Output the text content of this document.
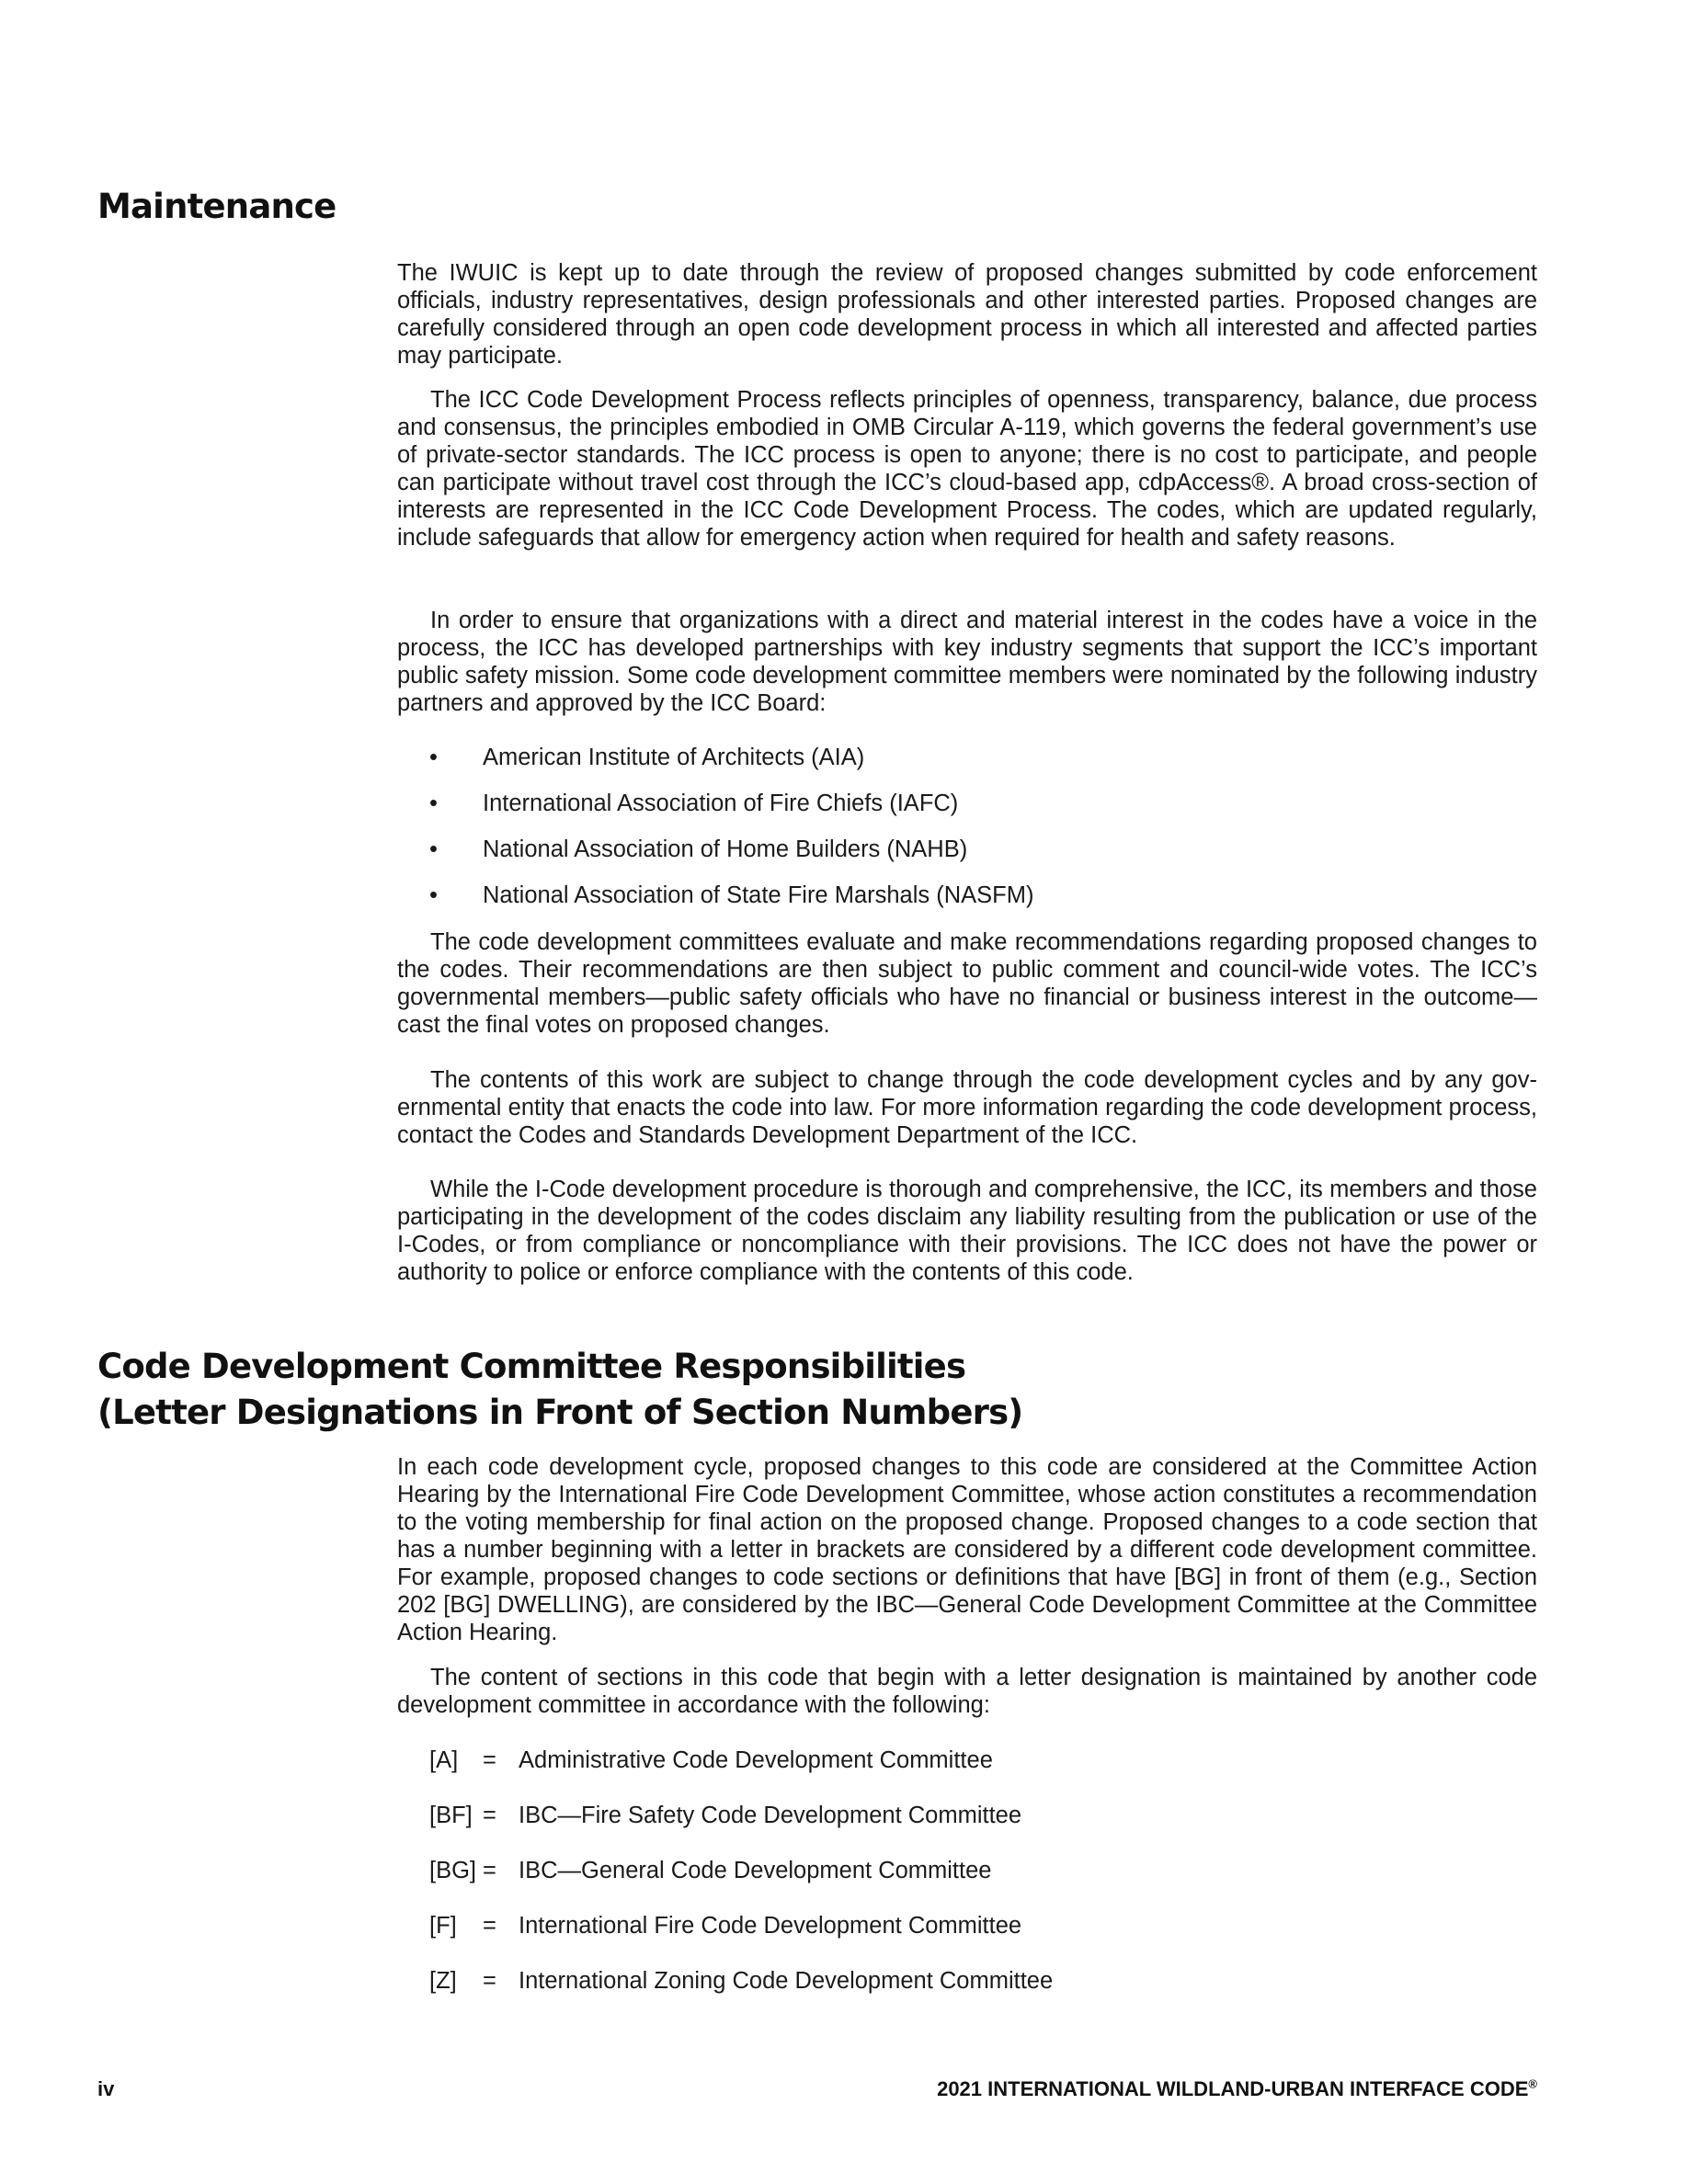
Maintenance

The IWUIC is kept up to date through the review of proposed changes submitted by code enforcement officials, industry representatives, design professionals and other interested parties. Proposed changes are carefully considered through an open code development process in which all interested and affected parties may participate.

The ICC Code Development Process reflects principles of openness, transparency, balance, due process and consensus, the principles embodied in OMB Circular A-119, which governs the federal government’s use of private-sector standards. The ICC process is open to anyone; there is no cost to participate, and people can participate without travel cost through the ICC’s cloud-based app, cdpAccess®. A broad cross-section of interests are represented in the ICC Code Development Process. The codes, which are updated regularly, include safeguards that allow for emergency action when required for health and safety reasons.

In order to ensure that organizations with a direct and material interest in the codes have a voice in the process, the ICC has developed partnerships with key industry segments that support the ICC’s important public safety mission. Some code development committee members were nominated by the following industry partners and approved by the ICC Board:

• American Institute of Architects (AIA)
• International Association of Fire Chiefs (IAFC)
• National Association of Home Builders (NAHB)
• National Association of State Fire Marshals (NASFM)

The code development committees evaluate and make recommendations regarding proposed changes to the codes. Their recommendations are then subject to public comment and council-wide votes. The ICC’s governmental members—public safety officials who have no financial or business interest in the outcome—cast the final votes on proposed changes.

The contents of this work are subject to change through the code development cycles and by any governmental entity that enacts the code into law. For more information regarding the code development process, contact the Codes and Standards Development Department of the ICC.

While the I-Code development procedure is thorough and comprehensive, the ICC, its members and those participating in the development of the codes disclaim any liability resulting from the publication or use of the I-Codes, or from compliance or noncompliance with their provisions. The ICC does not have the power or authority to police or enforce compliance with the contents of this code.

Code Development Committee Responsibilities
(Letter Designations in Front of Section Numbers)

In each code development cycle, proposed changes to this code are considered at the Committee Action Hearing by the International Fire Code Development Committee, whose action constitutes a recommendation to the voting membership for final action on the proposed change. Proposed changes to a code section that has a number beginning with a letter in brackets are considered by a different code development committee. For example, proposed changes to code sections or definitions that have [BG] in front of them (e.g., Section 202 [BG] DWELLING), are considered by the IBC—General Code Development Committee at the Committee Action Hearing.

The content of sections in this code that begin with a letter designation is maintained by another code development committee in accordance with the following:

[A] = Administrative Code Development Committee
[BF] = IBC—Fire Safety Code Development Committee
[BG] = IBC—General Code Development Committee
[F] = International Fire Code Development Committee
[Z] = International Zoning Code Development Committee
iv	2021 INTERNATIONAL WILDLAND-URBAN INTERFACE CODE®
